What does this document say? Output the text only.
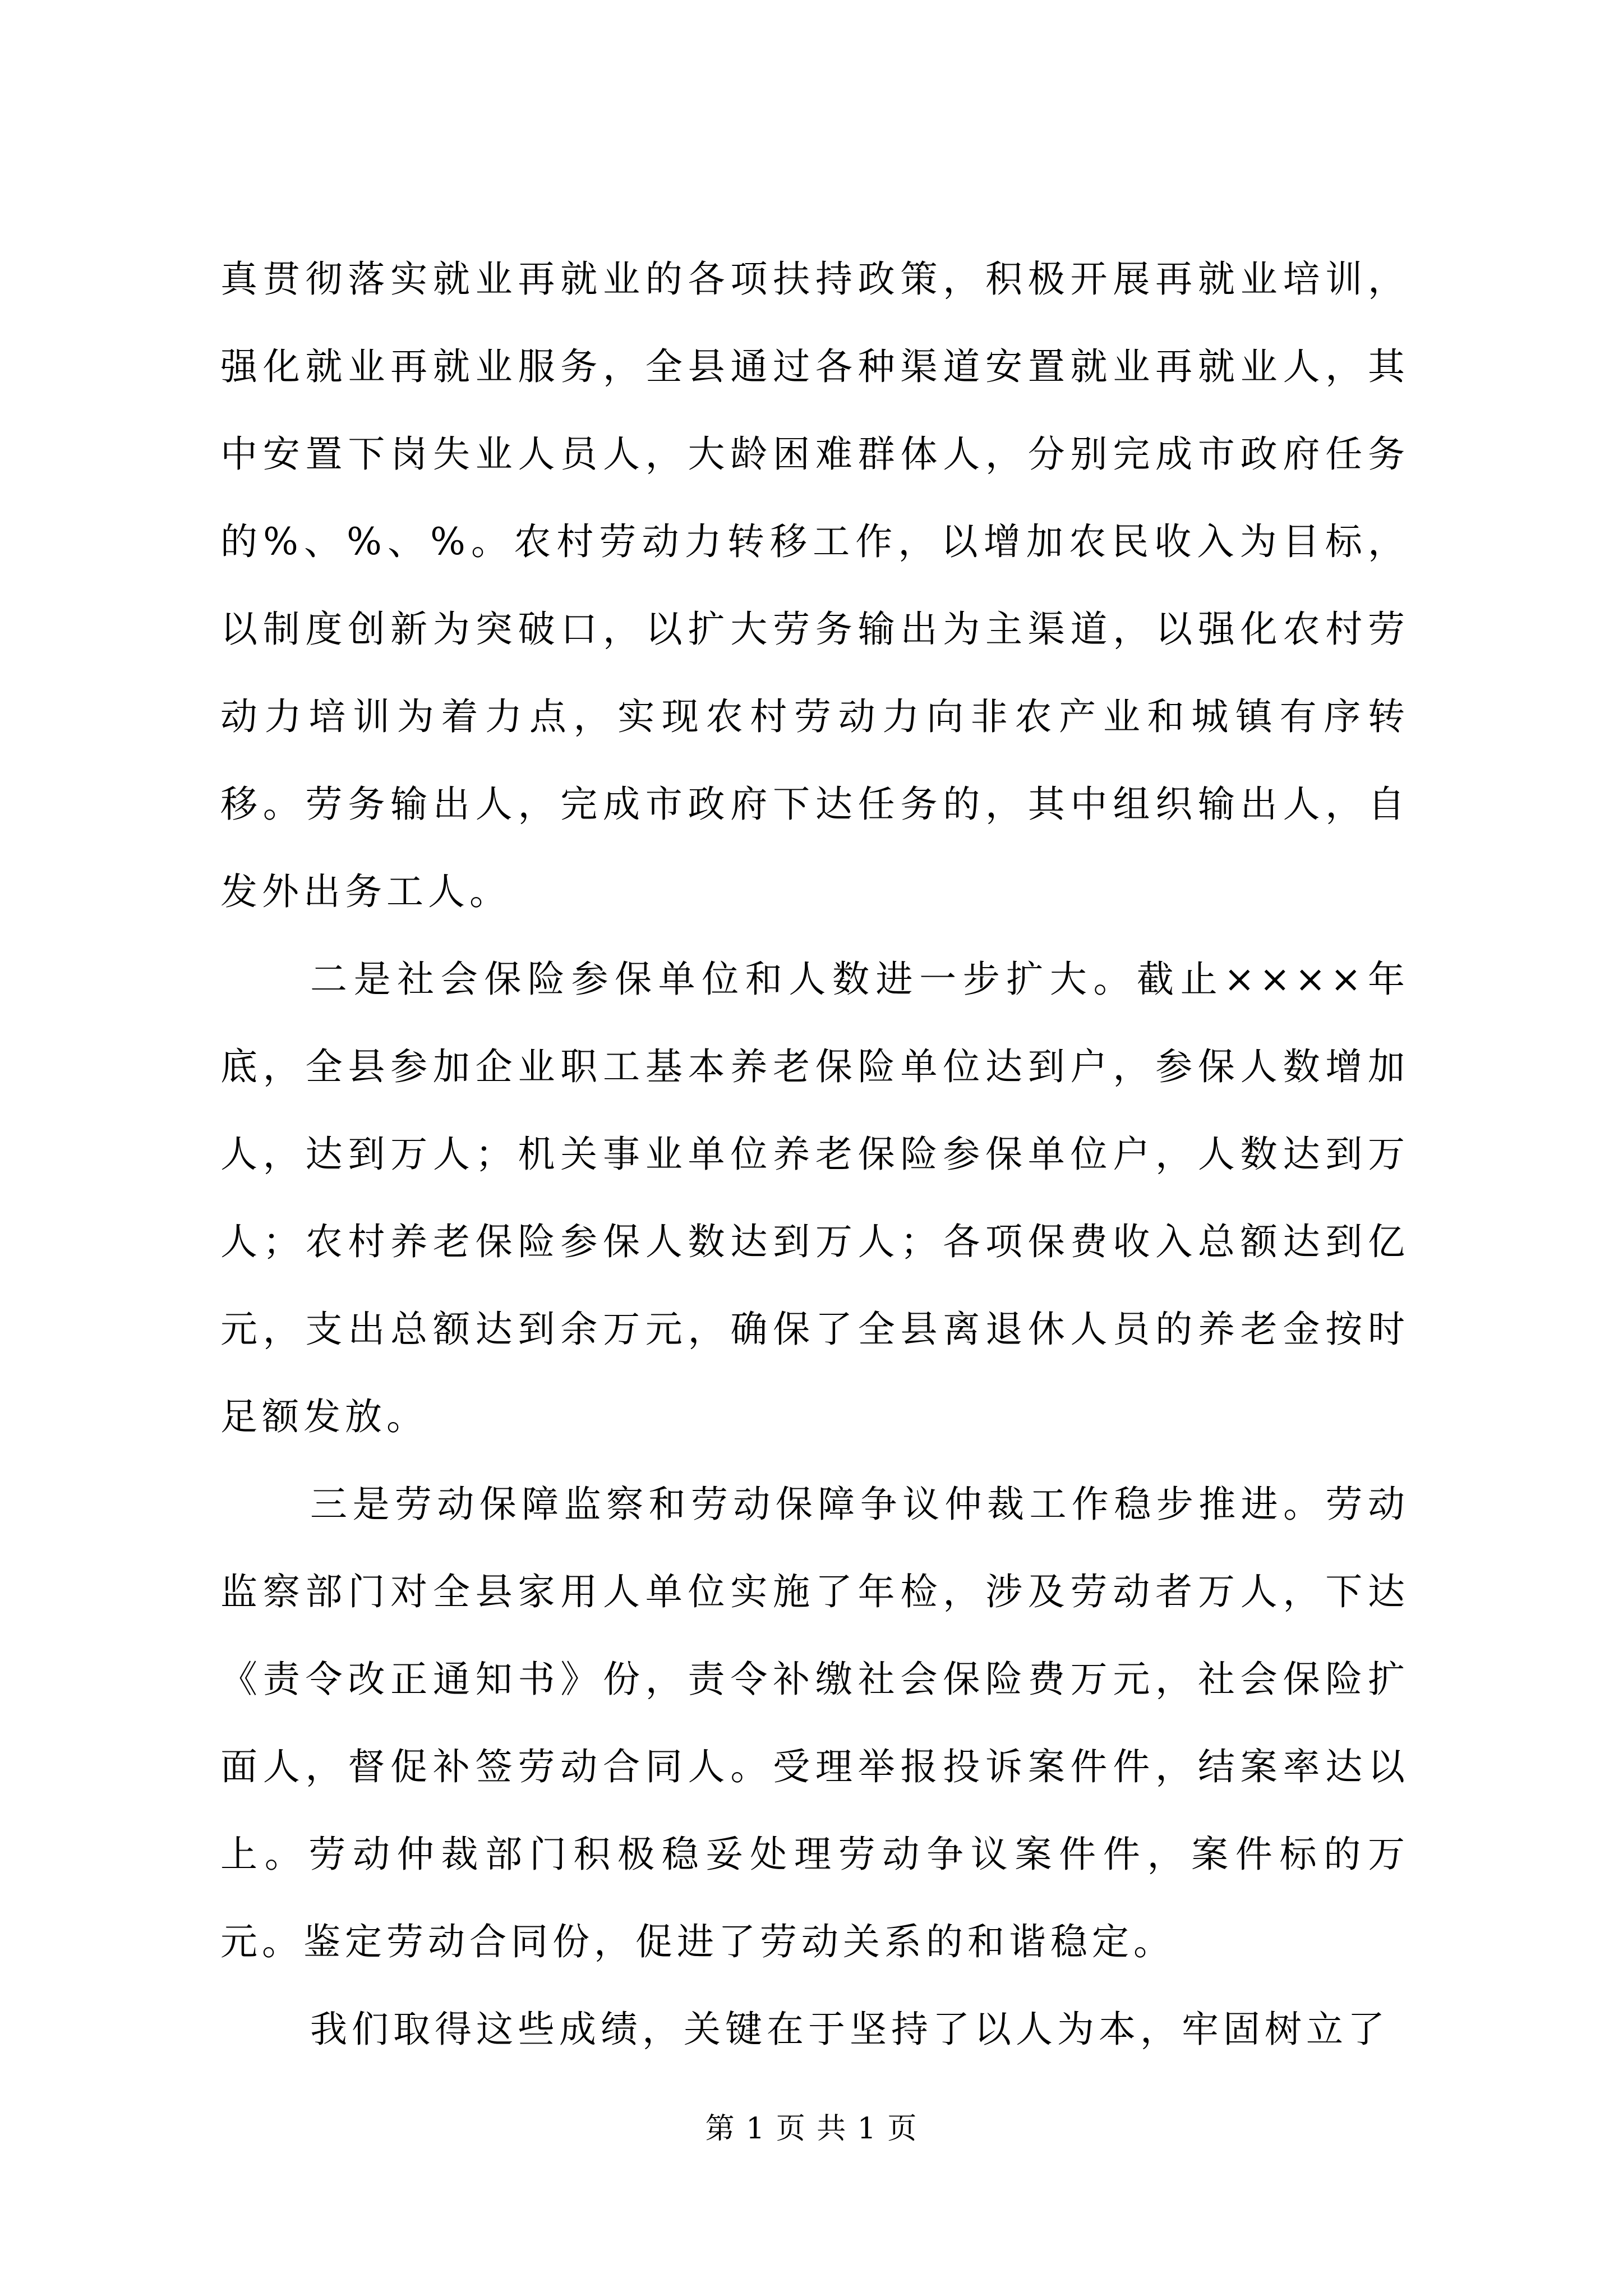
真贯彻落实就业再就业的各项扶持政策，积极开展再就业培训，强化就业再就业服务，全县通过各种渠道安置就业再就业人，其中安置下岗失业人员人，大龄困难群体人，分别完成市政府任务的%、%、%。农村劳动力转移工作，以增加农民收入为目标，以制度创新为突破口，以扩大劳务输出为主渠道，以强化农村劳动力培训为着力点，实现农村劳动力向非农产业和城镇有序转移。劳务输出人，完成市政府下达任务的，其中组织输出人，自发外出务工人。

二是社会保险参保单位和人数进一步扩大。截止××××年底，全县参加企业职工基本养老保险单位达到户，参保人数增加人，达到万人；机关事业单位养老保险参保单位户，人数达到万人；农村养老保险参保人数达到万人；各项保费收入总额达到亿元，支出总额达到余万元，确保了全县离退休人员的养老金按时足额发放。

三是劳动保障监察和劳动保障争议仲裁工作稳步推进。劳动监察部门对全县家用人单位实施了年检，涉及劳动者万人，下达《责令改正通知书》份，责令补缴社会保险费万元，社会保险扩面人，督促补签劳动合同人。受理举报投诉案件件，结案率达以上。劳动仲裁部门积极稳妥处理劳动争议案件件，案件标的万元。鉴定劳动合同份，促进了劳动关系的和谐稳定。

我们取得这些成绩，关键在于坚持了以人为本，牢固树立了

第 1 页 共 1 页
